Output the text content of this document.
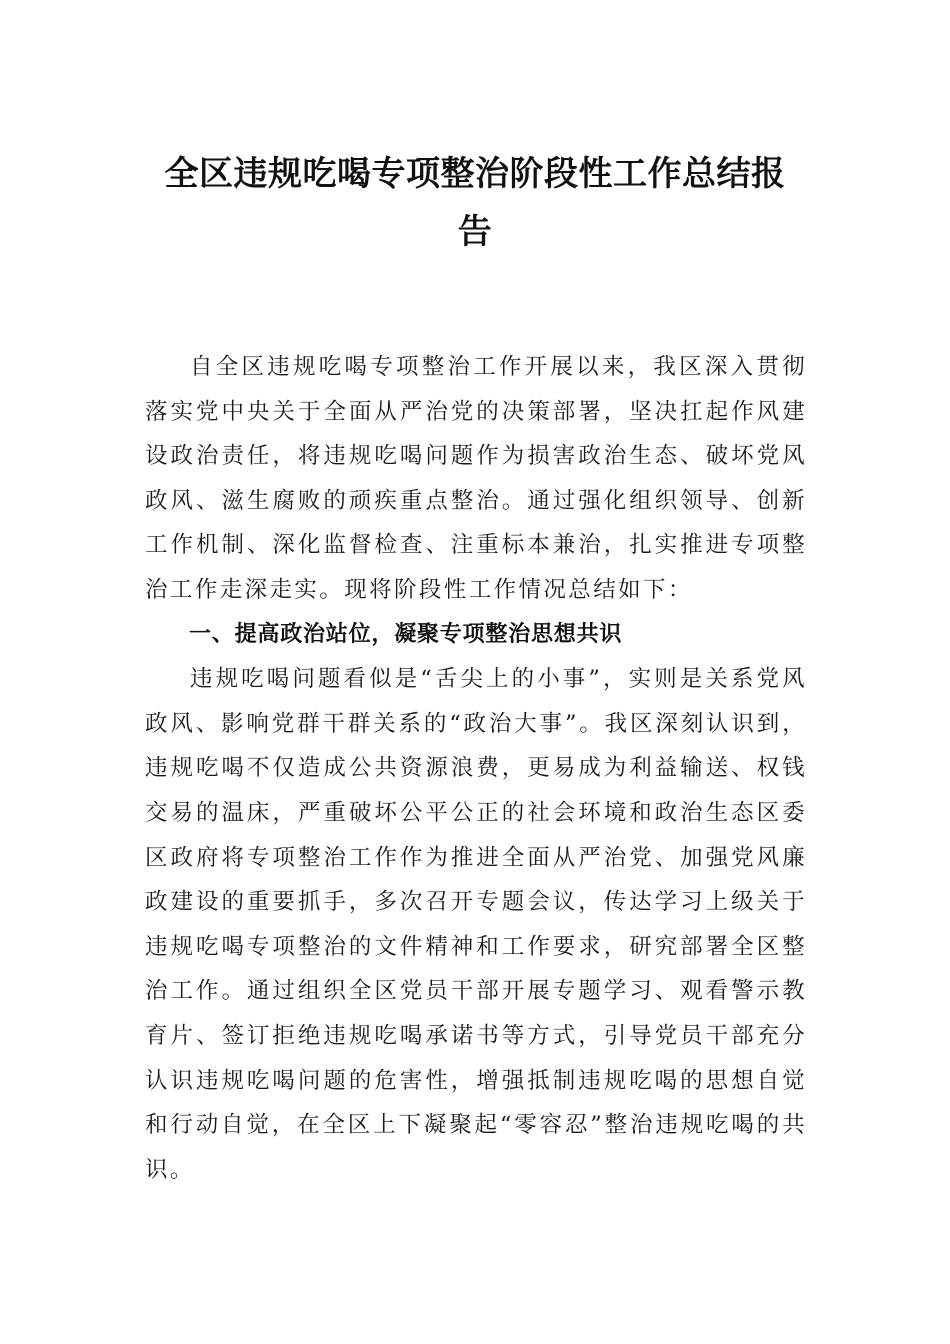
全区违规吃喝专项整治阶段性工作总结报告

自全区违规吃喝专项整治工作开展以来，我区深入贯彻落实党中央关于全面从严治党的决策部署，坚决扛起作风建设政治责任，将违规吃喝问题作为损害政治生态、破坏党风政风、滋生腐败的顽疾重点整治。通过强化组织领导、创新工作机制、深化监督检查、注重标本兼治，扎实推进专项整治工作走深走实。现将阶段性工作情况总结如下：

一、提高政治站位，凝聚专项整治思想共识

违规吃喝问题看似是“舌尖上的小事”，实则是关系党风政风、影响党群干群关系的“政治大事”。我区深刻认识到，违规吃喝不仅造成公共资源浪费，更易成为利益输送、权钱交易的温床，严重破坏公平公正的社会环境和政治生态区委区政府将专项整治工作作为推进全面从严治党、加强党风廉政建设的重要抓手，多次召开专题会议，传达学习上级关于违规吃喝专项整治的文件精神和工作要求，研究部署全区整治工作。通过组织全区党员干部开展专题学习、观看警示教育片、签订拒绝违规吃喝承诺书等方式，引导党员干部充分认识违规吃喝问题的危害性，增强抵制违规吃喝的思想自觉和行动自觉，在全区上下凝聚起“零容忍”整治违规吃喝的共识。
